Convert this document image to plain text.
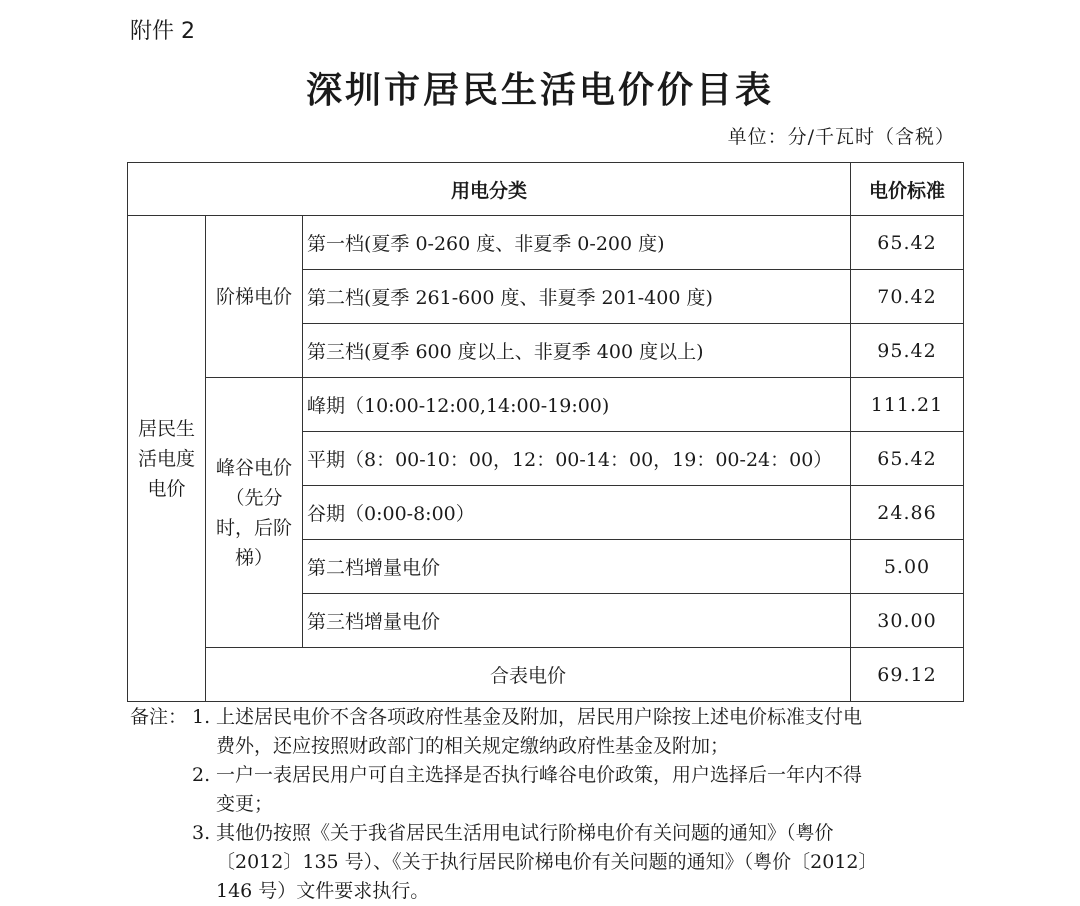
附件 2
深圳市居民生活电价价目表
单位：分/千瓦时（含税）
用电分类			电价标准

居民生活电度电价	阶梯电价	第一档(夏季 0-260 度、非夏季 0-200 度)	65.42
		第二档(夏季 261-600 度、非夏季 201-400 度)	70.42
		第三档(夏季 600 度以上、非夏季 400 度以上)	95.42

	峰谷电价（先分时，后阶梯）	峰期（10:00-12:00,14:00-19:00)	111.21
		平期（8：00-10：00，12：00-14：00，19：00-24：00）	65.42
		谷期（0:00-8:00）	24.86
		第二档增量电价	5.00
		第三档增量电价	30.00
	合表电价		69.12
备注： 1. 上述居民电价不含各项政府性基金及附加，居民用户除按上述电价标准支付电
费外，还应按照财政部门的相关规定缴纳政府性基金及附加；
2. 一户一表居民用户可自主选择是否执行峰谷电价政策，用户选择后一年内不得
变更；
3. 其他仍按照《关于我省居民生活用电试行阶梯电价有关问题的通知》（粤价
〔2012〕135 号）、《关于执行居民阶梯电价有关问题的通知》（粤价〔2012〕
146 号）文件要求执行。
